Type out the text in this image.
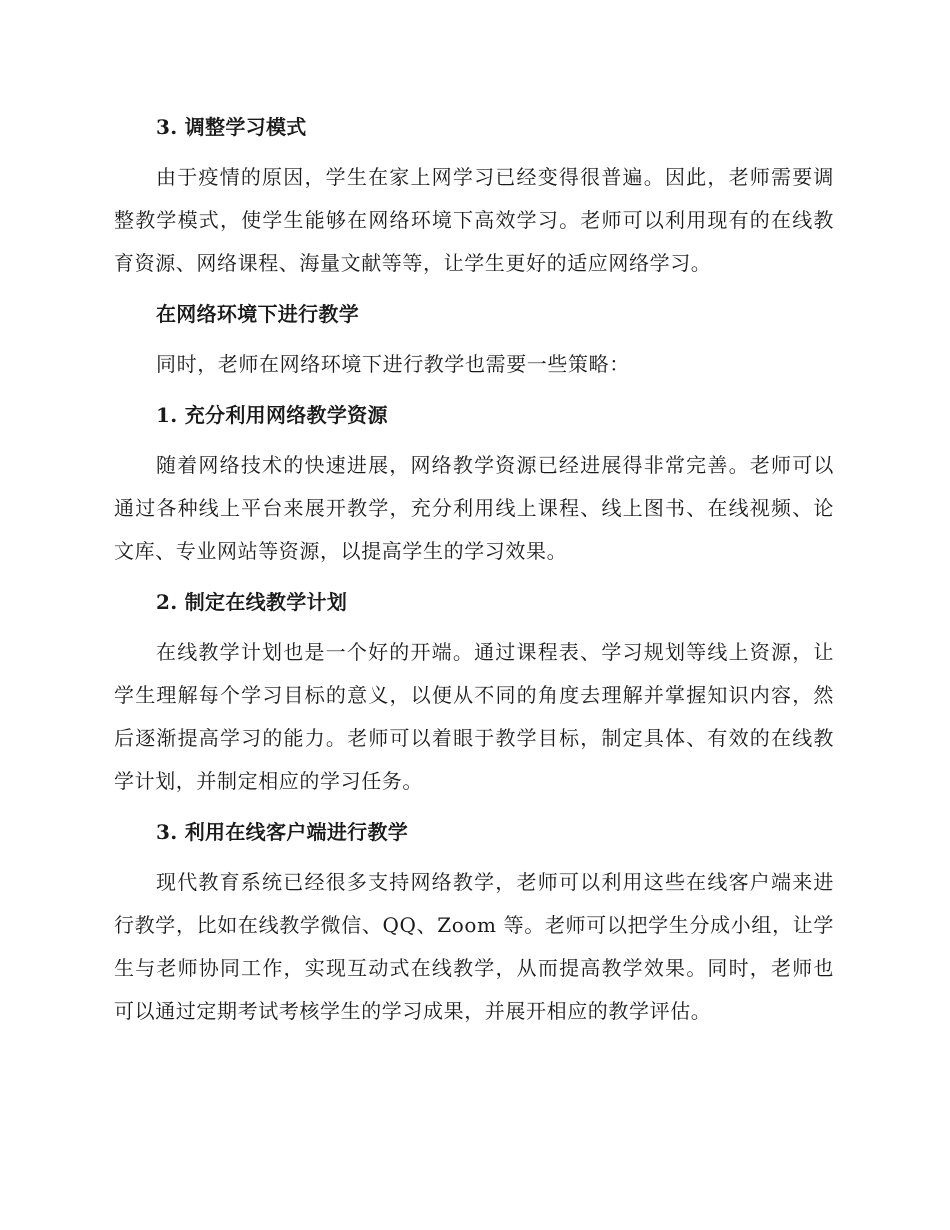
3. 调整学习模式
由于疫情的原因，学生在家上网学习已经变得很普遍。因此，老师需要调整教学模式，使学生能够在网络环境下高效学习。老师可以利用现有的在线教育资源、网络课程、海量文献等等，让学生更好的适应网络学习。
在网络环境下进行教学
同时，老师在网络环境下进行教学也需要一些策略：
1. 充分利用网络教学资源
随着网络技术的快速进展，网络教学资源已经进展得非常完善。老师可以通过各种线上平台来展开教学，充分利用线上课程、线上图书、在线视频、论文库、专业网站等资源，以提高学生的学习效果。
2. 制定在线教学计划
在线教学计划也是一个好的开端。通过课程表、学习规划等线上资源，让学生理解每个学习目标的意义，以便从不同的角度去理解并掌握知识内容，然后逐渐提高学习的能力。老师可以着眼于教学目标，制定具体、有效的在线教学计划，并制定相应的学习任务。
3. 利用在线客户端进行教学
现代教育系统已经很多支持网络教学，老师可以利用这些在线客户端来进行教学，比如在线教学微信、QQ、Zoom 等。老师可以把学生分成小组，让学生与老师协同工作，实现互动式在线教学，从而提高教学效果。同时，老师也可以通过定期考试考核学生的学习成果，并展开相应的教学评估。
